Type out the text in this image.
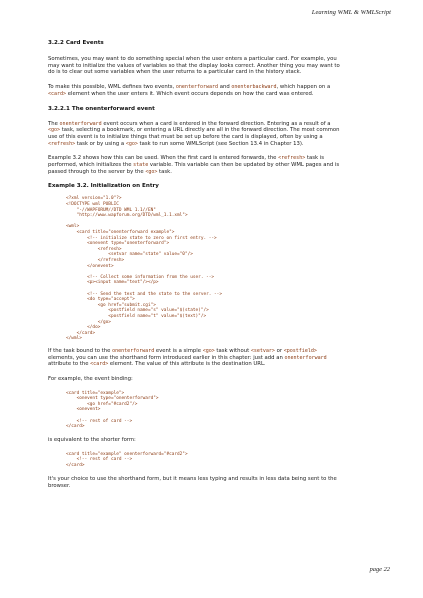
Learning WML & WMLScript
3.2.2 Card Events
Sometimes, you may want to do something special when the user enters a particular card. For example, you
may want to initialize the values of variables so that the display looks correct. Another thing you may want to
do is to clear out some variables when the user returns to a particular card in the history stack.
To make this possible, WML defines two events, onenterforward and onenterbackward, which happen on a
<card> element when the user enters it. Which event occurs depends on how the card was entered.
3.2.2.1 The onenterforward event
The onenterforward event occurs when a card is entered in the forward direction. Entering as a result of a
<go> task, selecting a bookmark, or entering a URL directly are all in the forward direction. The most common
use of this event is to initialize things that must be set up before the card is displayed, often by using a
<refresh> task or by using a <go> task to run some WMLScript (see Section 13.4 in Chapter 13).
Example 3.2 shows how this can be used. When the first card is entered forwards, the <refresh> task is
performed, which initializes the state variable. This variable can then be updated by other WML pages and is
passed through to the server by the <go> task.
Example 3.2. Initialization on Entry
<?xml version="1.0"?>
<!DOCTYPE wml PUBLIC
"-//WAPFORUM//DTD WML 1.1//EN"
"http://www.wapforum.org/DTD/wml_1.1.xml">
<wml>
<card title="onenterforward example">
<!-- initialize state to zero on first entry. -->
<onevent type="onenterforward">
<refresh>
<setvar name="state" value="0"/>
</refresh>
</onevent>
<!-- Collect some information from the user. -->
<p><input name="text"/></p>
<!-- Send the text and the state to the server. -->
<do type="accept">
<go href="submit.cgi">
<postfield name="s" value="$(state)"/>
<postfield name="t" value="$(text)"/>
</go>
</do>
</card>
</wml>
If the task bound to the onenterforward event is a simple <go> task without <setvar> or <postfield>
elements, you can use the shorthand form introduced earlier in this chapter: just add an onenterforward
attribute to the <card> element. The value of this attribute is the destination URL.
For example, the event binding:
<card title="example">
<onevent type="onenterforward">
<go href="#card2"/>
<onevent>
<!-- rest of card -->
</card>
is equivalent to the shorter form:
<card title="example" onenterforward="#card2">
<!-- rest of card -->
</card>
It's your choice to use the shorthand form, but it means less typing and results in less data being sent to the
browser.
page 22
